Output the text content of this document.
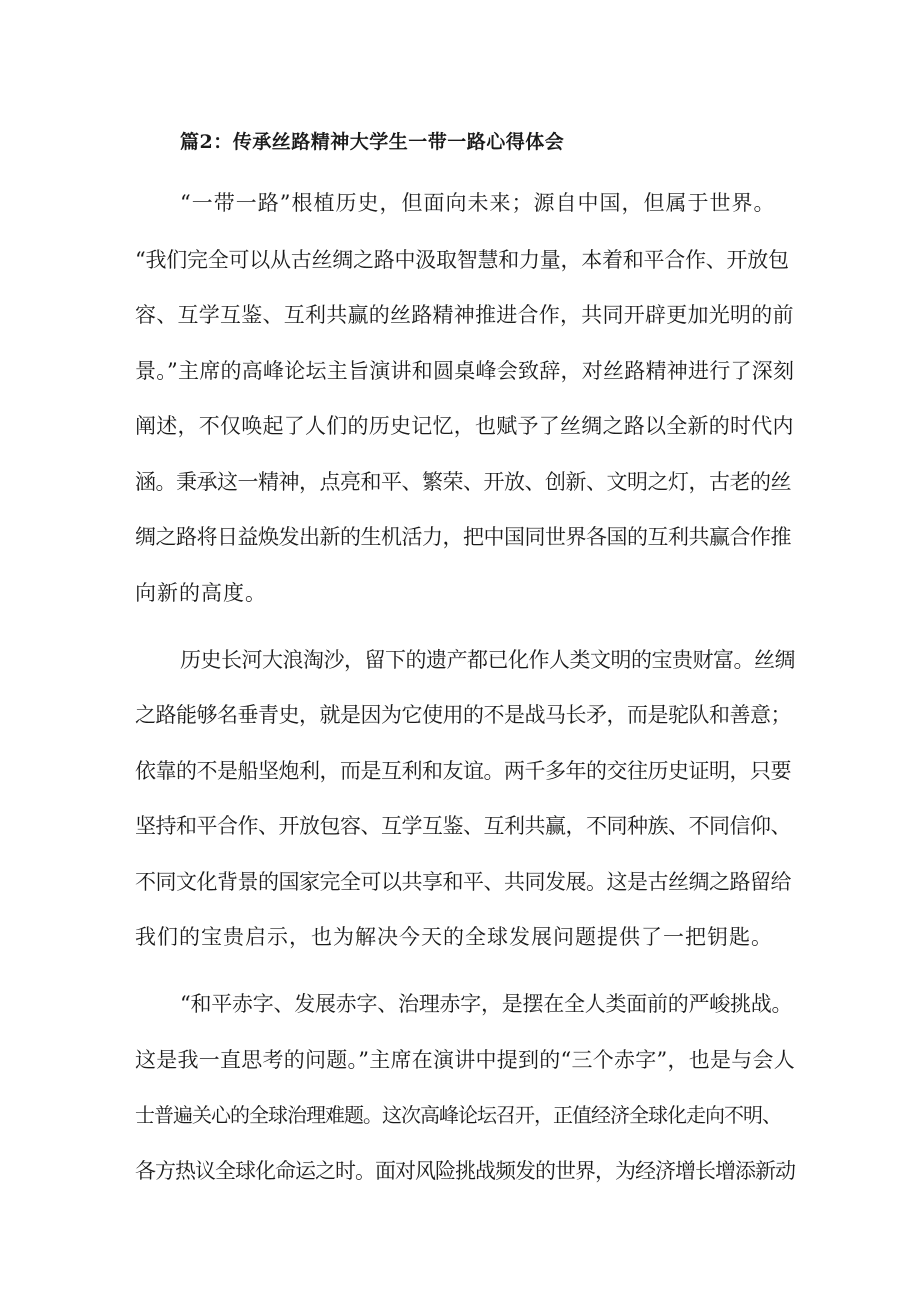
篇2：传承丝路精神大学生一带一路心得体会
“一带一路”根植历史，但面向未来；源自中国，但属于世界。
“我们完全可以从古丝绸之路中汲取智慧和力量，本着和平合作、开放包
容、互学互鉴、互利共赢的丝路精神推进合作，共同开辟更加光明的前
景。”主席的高峰论坛主旨演讲和圆桌峰会致辞，对丝路精神进行了深刻
阐述，不仅唤起了人们的历史记忆，也赋予了丝绸之路以全新的时代内
涵。秉承这一精神，点亮和平、繁荣、开放、创新、文明之灯，古老的丝
绸之路将日益焕发出新的生机活力，把中国同世界各国的互利共赢合作推
向新的高度。
历史长河大浪淘沙，留下的遗产都已化作人类文明的宝贵财富。丝绸
之路能够名垂青史，就是因为它使用的不是战马长矛，而是驼队和善意；
依靠的不是船坚炮利，而是互利和友谊。两千多年的交往历史证明，只要
坚持和平合作、开放包容、互学互鉴、互利共赢，不同种族、不同信仰、
不同文化背景的国家完全可以共享和平、共同发展。这是古丝绸之路留给
我们的宝贵启示，也为解决今天的全球发展问题提供了一把钥匙。
“和平赤字、发展赤字、治理赤字，是摆在全人类面前的严峻挑战。
这是我一直思考的问题。”主席在演讲中提到的“三个赤字”，也是与会人
士普遍关心的全球治理难题。这次高峰论坛召开，正值经济全球化走向不明、
各方热议全球化命运之时。面对风险挑战频发的世界，为经济增长增添新动
